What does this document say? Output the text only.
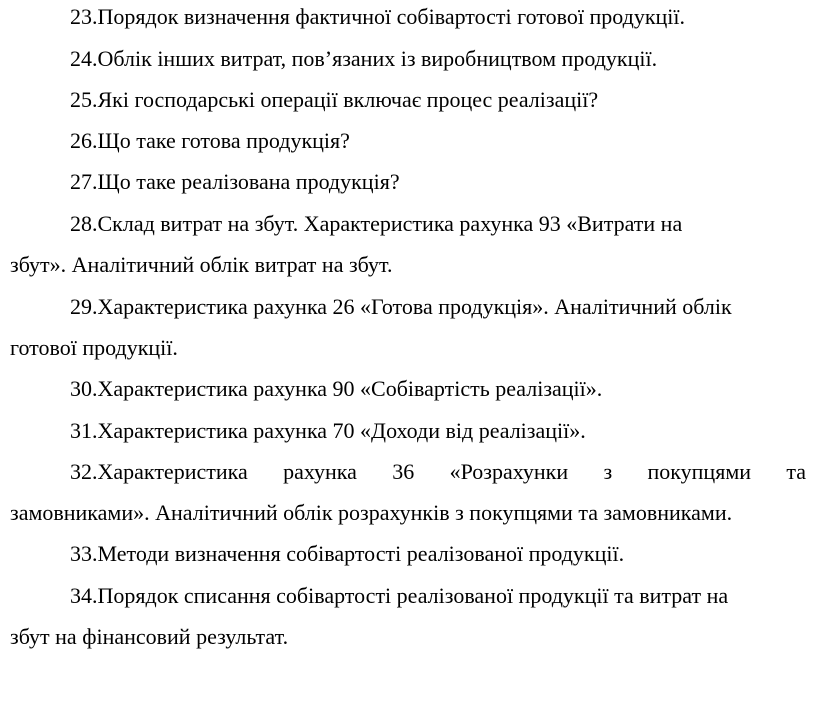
23.Порядок визначення фактичної собівартості готової продукції.

24.Облік інших витрат, пов’язаних із виробництвом продукції.

25.Які господарські операції включає процес реалізації?

26.Що таке готова продукція?

27.Що таке реалізована продукція?

28.Склад витрат на збут. Характеристика рахунка 93 «Витрати на
збут». Аналітичний облік витрат на збут.

29.Характеристика рахунка 26 «Готова продукція». Аналітичний облік
готової продукції.

30.Характеристика рахунка 90 «Собівартість реалізації».

31.Характеристика рахунка 70 «Доходи від реалізації».

32.Характеристика рахунка 36 «Розрахунки з покупцями та
замовниками». Аналітичний облік розрахунків з покупцями та замовниками.

33.Методи визначення собівартості реалізованої продукції.

34.Порядок списання собівартості реалізованої продукції та витрат на
збут на фінансовий результат.
